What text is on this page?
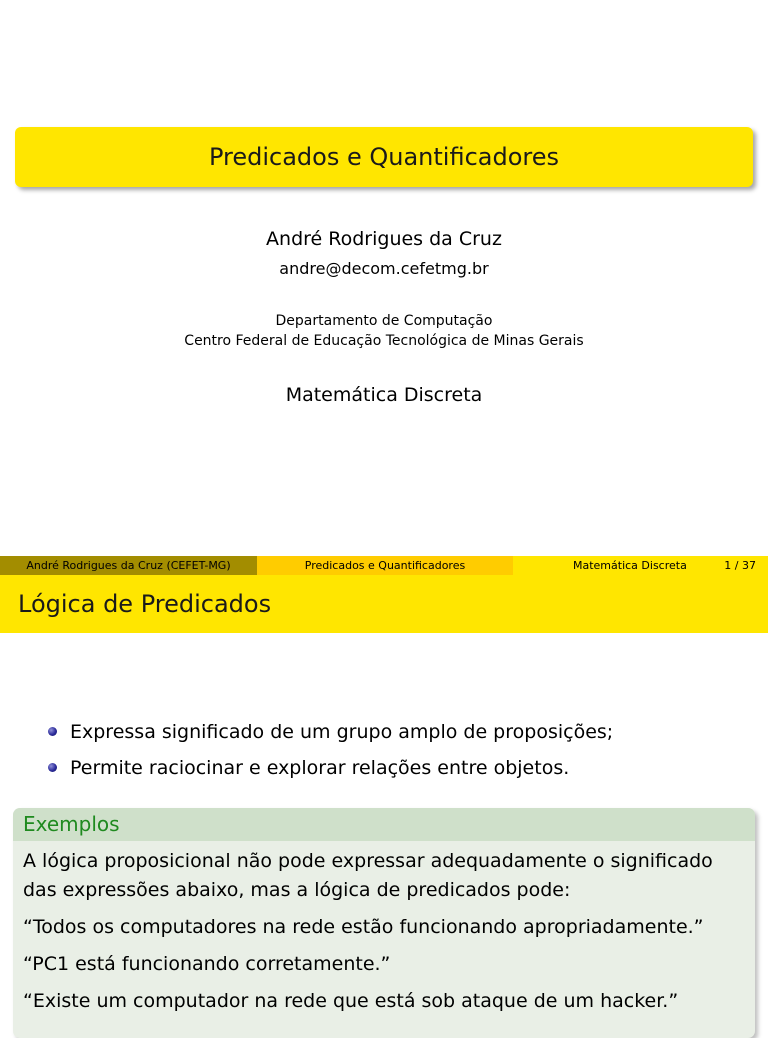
Predicados e Quantificadores
André Rodrigues da Cruz
andre@decom.cefetmg.br
Departamento de Computação
Centro Federal de Educação Tecnológica de Minas Gerais
Matemática Discreta
André Rodrigues da Cruz (CEFET-MG)	Predicados e Quantificadores	Matemática Discreta	1 / 37
Lógica de Predicados
Expressa significado de um grupo amplo de proposições;
Permite raciocinar e explorar relações entre objetos.
Exemplos

A lógica proposicional não pode expressar adequadamente o significado

das expressões abaixo, mas a lógica de predicados pode:

“Todos os computadores na rede estão funcionando apropriadamente.”

“PC1 está funcionando corretamente.”

“Existe um computador na rede que está sob ataque de um hacker.”
